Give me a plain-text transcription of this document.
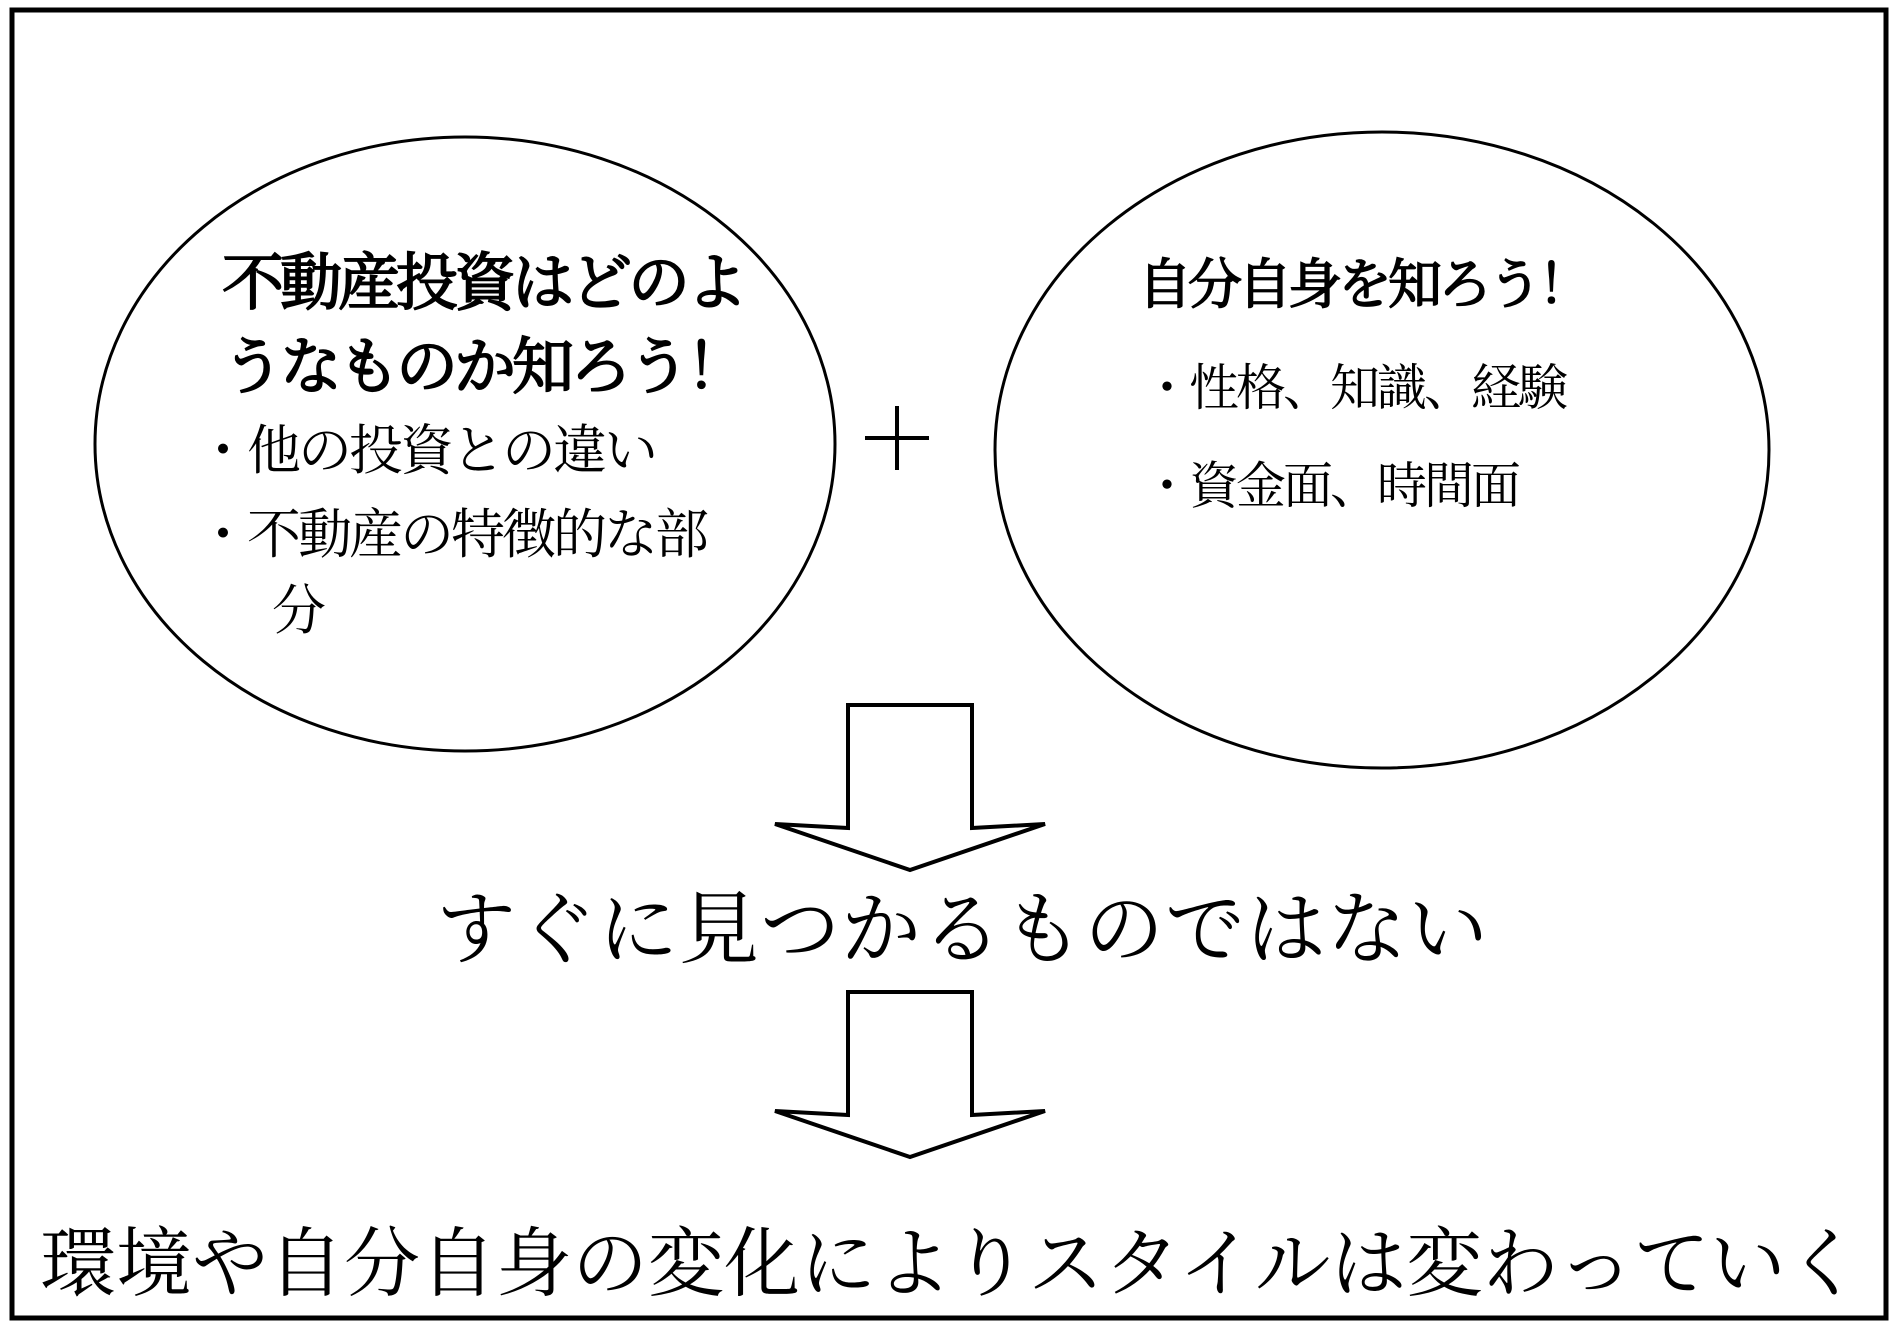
不動産投資はどのよ
うなものか知ろう！
・他の投資との違い
・不動産の特徴的な部
分
自分自身を知ろう！
・性格、知識、経験
・資金面、時間面
すぐに見つかるものではない
環境や自分自身の変化によりスタイルは変わっていく
